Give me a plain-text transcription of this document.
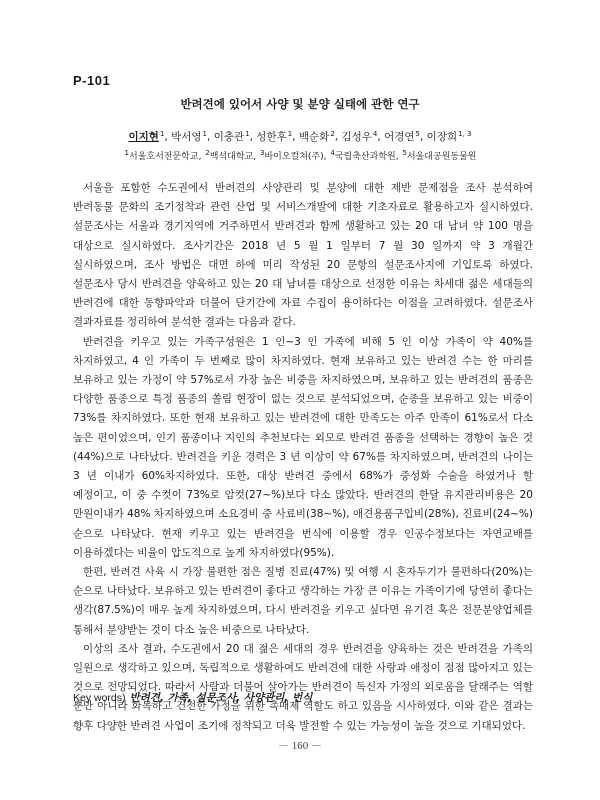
P-101
반려견에 있어서 사양 및 분양 실태에 관한 연구
이지현$^1$, 박서영$^1$, 이충관$^1$, 성한후$^1$, 백순화$^2$, 김성우$^4$, 어경연$^5$, 이장희$^{1, 3}$
$^1$서울호서전문학교, $^2$백석대학교, $^3$바이오컬쳐(주), $^4$국립축산과학원, $^5$서울대공원동물원

서울을 포함한 수도권에서 반려견의 사양관리 및 분양에 대한 제반 문제점을 조사 분석하여 반려동물 문화의 조기정착과 관련 산업 및 서비스개발에 대한 기초자료로 활용하고자 실시하였다. 설문조사는 서울과 경기지역에 거주하면서 반려견과 함께 생활하고 있는 20 대 남녀 약 100 명을 대상으로 실시하였다. 조사기간은 2018 년 5 월 1 일부터 7 월 30 일까지 약 3 개월간 실시하였으며, 조사 방법은 대면 하에 미리 작성된 20 문항의 설문조사지에 기입토록 하였다. 설문조사 당시 반려견을 양육하고 있는 20 대 남녀를 대상으로 선정한 이유는 차세대 젊은 세대들의 반려견에 대한 동향파악과 더불어 단기간에 자료 수집이 용이하다는 이점을 고려하였다. 설문조사 결과자료를 정리하여 분석한 결과는 다음과 같다.

반려견을 키우고 있는 가족구성원은 1 인~3 인 가족에 비해 5 인 이상 가족이 약 40%를 차지하였고, 4 인 가족이 두 번째로 많이 차지하였다. 현재 보유하고 있는 반려견 수는 한 마리를 보유하고 있는 가정이 약 57%로서 가장 높은 비중을 차지하였으며, 보유하고 있는 반려견의 품종은 다양한 품종으로 특정 품종의 쏠림 현장이 없는 것으로 분석되었으며, 순종을 보유하고 있는 비중이 73%를 차지하였다. 또한 현재 보유하고 있는 반려견에 대한 만족도는 아주 만족이 61%로서 다소 높은 편이었으며, 인기 품종이나 지인의 추천보다는 외모로 반려견 품종을 선택하는 경향이 높은 것(44%)으로 나타났다. 반려견을 키운 경력은 3 년 이상이 약 67%를 차지하였으며, 반려견의 나이는 3 년 이내가 60%차지하였다. 또한, 대상 반려견 중에서 68%가 중성화 수술을 하였거나 할 예정이고, 이 중 수컷이 73%로 암컷(27~%)보다 다소 많았다. 반려견의 한달 유지관리비용은 20 만원이내가 48% 차지하였으며 소요경비 중 사료비(38~%), 애견용품구입비(28%), 진료비(24~%) 순으로 나타났다. 현재 키우고 있는 반려견을 번식에 이용할 경우 인공수정보다는 자연교배를 이용하겠다는 비율이 압도적으로 높게 차지하였다(95%).

한편, 반려견 사육 시 가장 불편한 점은 질병 진료(47%) 및 여행 시 혼자두기가 불편하다(20%)는 순으로 나타났다. 보유하고 있는 반려견이 좋다고 생각하는 가장 큰 이유는 가족이기에 당연히 좋다는 생각(87.5%)이 매우 높게 차지하였으며, 다시 반려견을 키우고 싶다면 유기견 혹은 전문분양업체를 통해서 분양받는 것이 다소 높은 비중으로 나타났다.

이상의 조사 결과, 수도권에서 20 대 젊은 세대의 경우 반려견을 양육하는 것은 반려견을 가족의 일원으로 생각하고 있으며, 독립적으로 생활하여도 반려견에 대한 사랑과 애정이 점점 많아지고 있는 것으로 전망되었다. 따라서 사람과 더불어 살아가는 반려견이 독신자 가정의 외로움을 달래주는 역할 뿐만 아니라 화목하고 건전한 가정을 위한 촉매제 역할도 하고 있음을 시사하였다. 이와 같은 결과는 향후 다양한 반려견 사업이 조기에 정착되고 더욱 발전할 수 있는 가능성이 높을 것으로 기대되었다.

Key words) 반려견, 가족, 설문조사, 사양관리, 번식
－ 160 －
